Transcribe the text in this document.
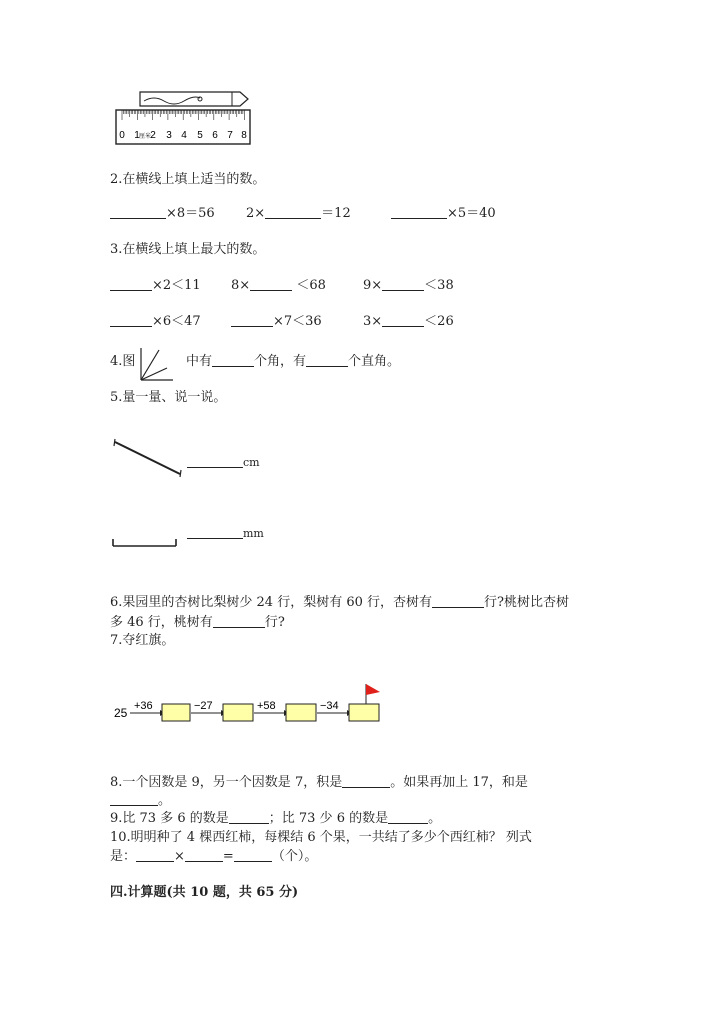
0 1 厘米 2 3 4 5 6 7 8
2.在横线上填上适当的数。
×8＝56 2×	＝12	×5＝40
3.在横线上填上最大的数。
×2＜11 8×	＜68	9×	＜38
×6＜47	×7＜36	3×	＜26
4.图	中有	个角，有	个直角。
5.量一量、说一说。
cm
mm
6.果园里的杏树比梨树少 24 行，梨树有 60 行，杏树有	行?桃树比杏树
多 46 行，桃树有	行?
7.夺红旗。
25 +36	−27	+58	−34
8.一个因数是 9，另一个因数是 7，积是	。如果再加上 17，和是
。
9.比 73 多 6 的数是	；比 73 少 6 的数是	。
10.明明种了 4 棵西红柿，每棵结 6 个果，一共结了多少个西红柿？ 列式
是：	×	=	（个）。
四.计算题(共 10 题，共 65 分)
